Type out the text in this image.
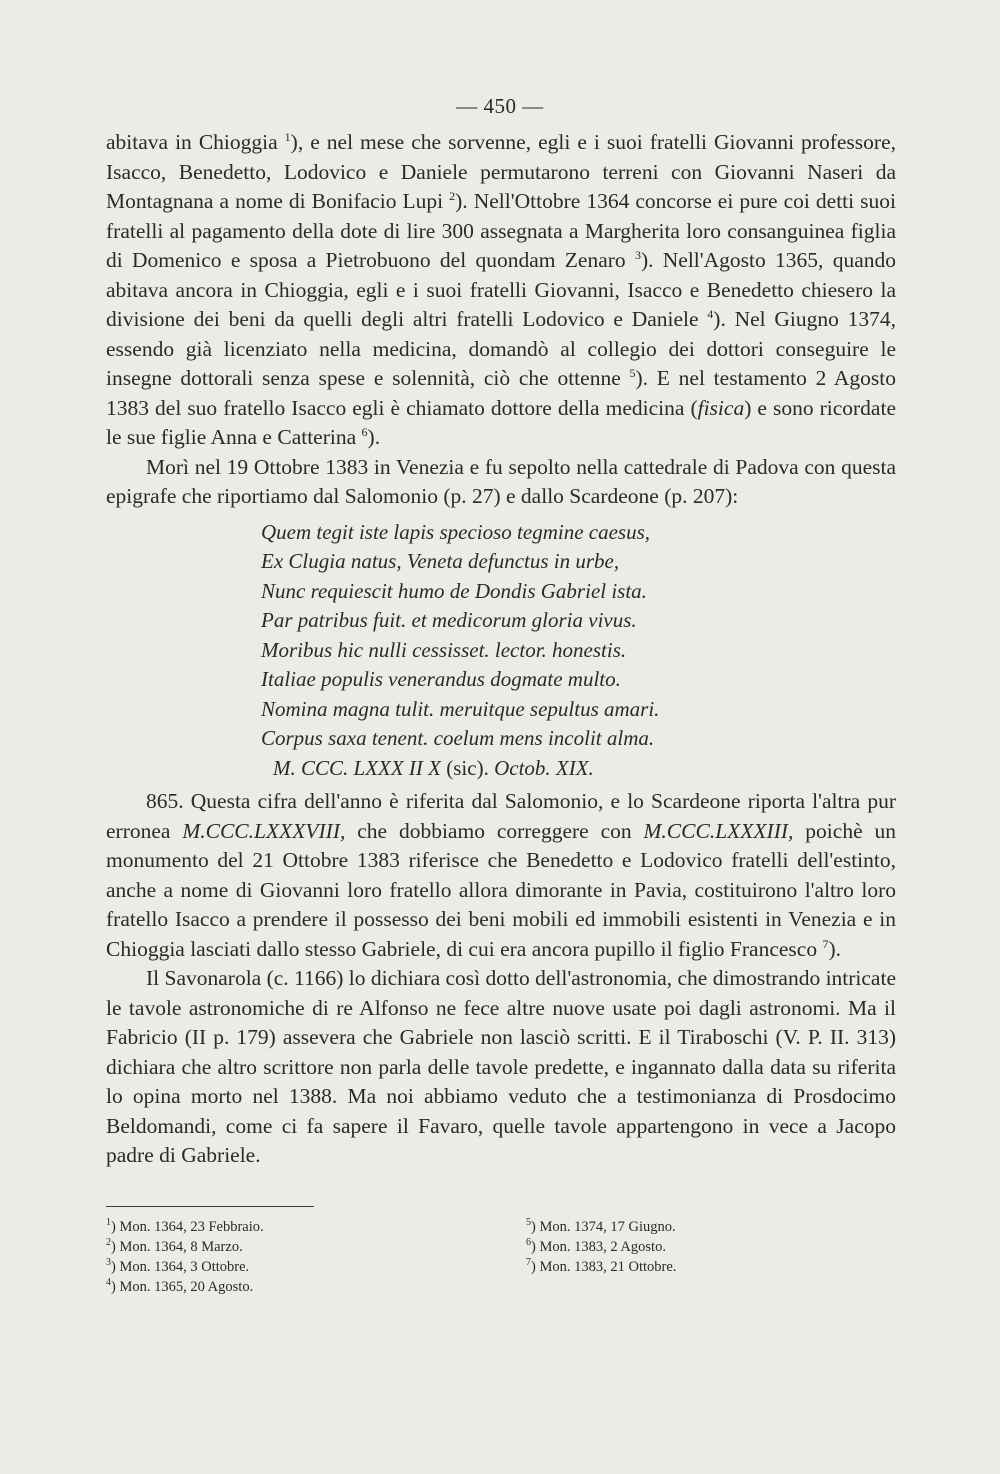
— 450 —

abitava in Chioggia $^1$), e nel mese che sorvenne, egli e i suoi fratelli Giovanni professore, Isacco, Benedetto, Lodovico e Daniele permutarono terreni con Giovanni Naseri da Montagnana a nome di Bonifacio Lupi $^2$). Nell'Ottobre 1364 concorse ei pure coi detti suoi fratelli al pagamento della dote di lire 300 assegnata a Margherita loro consanguinea figlia di Domenico e sposa a Pietrobuono del quondam Zenaro $^3$). Nell'Agosto 1365, quando abitava ancora in Chioggia, egli e i suoi fratelli Giovanni, Isacco e Benedetto chiesero la divisione dei beni da quelli degli altri fratelli Lodovico e Daniele $^4$). Nel Giugno 1374, essendo già licenziato nella medicina, domandò al collegio dei dottori conseguire le insegne dottorali senza spese e solennità, ciò che ottenne $^5$). E nel testamento 2 Agosto 1383 del suo fratello Isacco egli è chiamato dottore della medicina (fisica) e sono ricordate le sue figlie Anna e Catterina $^6$).

Morì nel 19 Ottobre 1383 in Venezia e fu sepolto nella cattedrale di Padova con questa epigrafe che riportiamo dal Salomonio (p. 27) e dallo Scardeone (p. 207):

Quem tegit iste lapis specioso tegmine caesus,
Ex Clugia natus, Veneta defunctus in urbe,
Nunc requiescit humo de Dondis Gabriel ista.
Par patribus fuit. et medicorum gloria vivus.
Moribus hic nulli cessisset. lector. honestis.
Italiae populis venerandus dogmate multo.
Nomina magna tulit. meruitque sepultus amari.
Corpus saxa tenent. coelum mens incolit alma.
M. CCC. LXXX II X (sic). Octob. XIX.

865. Questa cifra dell'anno è riferita dal Salomonio, e lo Scardeone riporta l'altra pur erronea M.CCC.LXXXVIII, che dobbiamo correggere con M.CCC.LXXXIII, poichè un monumento del 21 Ottobre 1383 riferisce che Benedetto e Lodovico fratelli dell'estinto, anche a nome di Giovanni loro fratello allora dimorante in Pavia, costituirono l'altro loro fratello Isacco a prendere il possesso dei beni mobili ed immobili esistenti in Venezia e in Chioggia lasciati dallo stesso Gabriele, di cui era ancora pupillo il figlio Francesco $^7$).

Il Savonarola (c. 1166) lo dichiara così dotto dell'astronomia, che dimostrando intricate le tavole astronomiche di re Alfonso ne fece altre nuove usate poi dagli astronomi. Ma il Fabricio (II p. 179) assevera che Gabriele non lasciò scritti. E il Tiraboschi (V. P. II. 313) dichiara che altro scrittore non parla delle tavole predette, e ingannato dalla data su riferita lo opina morto nel 1388. Ma noi abbiamo veduto che a testimonianza di Prosdocimo Beldomandi, come ci fa sapere il Favaro, quelle tavole appartengono in vece a Jacopo padre di Gabriele.

$^1$) Mon. 1364, 23 Febbraio.
$^2$) Mon. 1364, 8 Marzo.
$^3$) Mon. 1364, 3 Ottobre.
$^4$) Mon. 1365, 20 Agosto.
$^5$) Mon. 1374, 17 Giugno.
$^6$) Mon. 1383, 2 Agosto.
$^7$) Mon. 1383, 21 Ottobre.
